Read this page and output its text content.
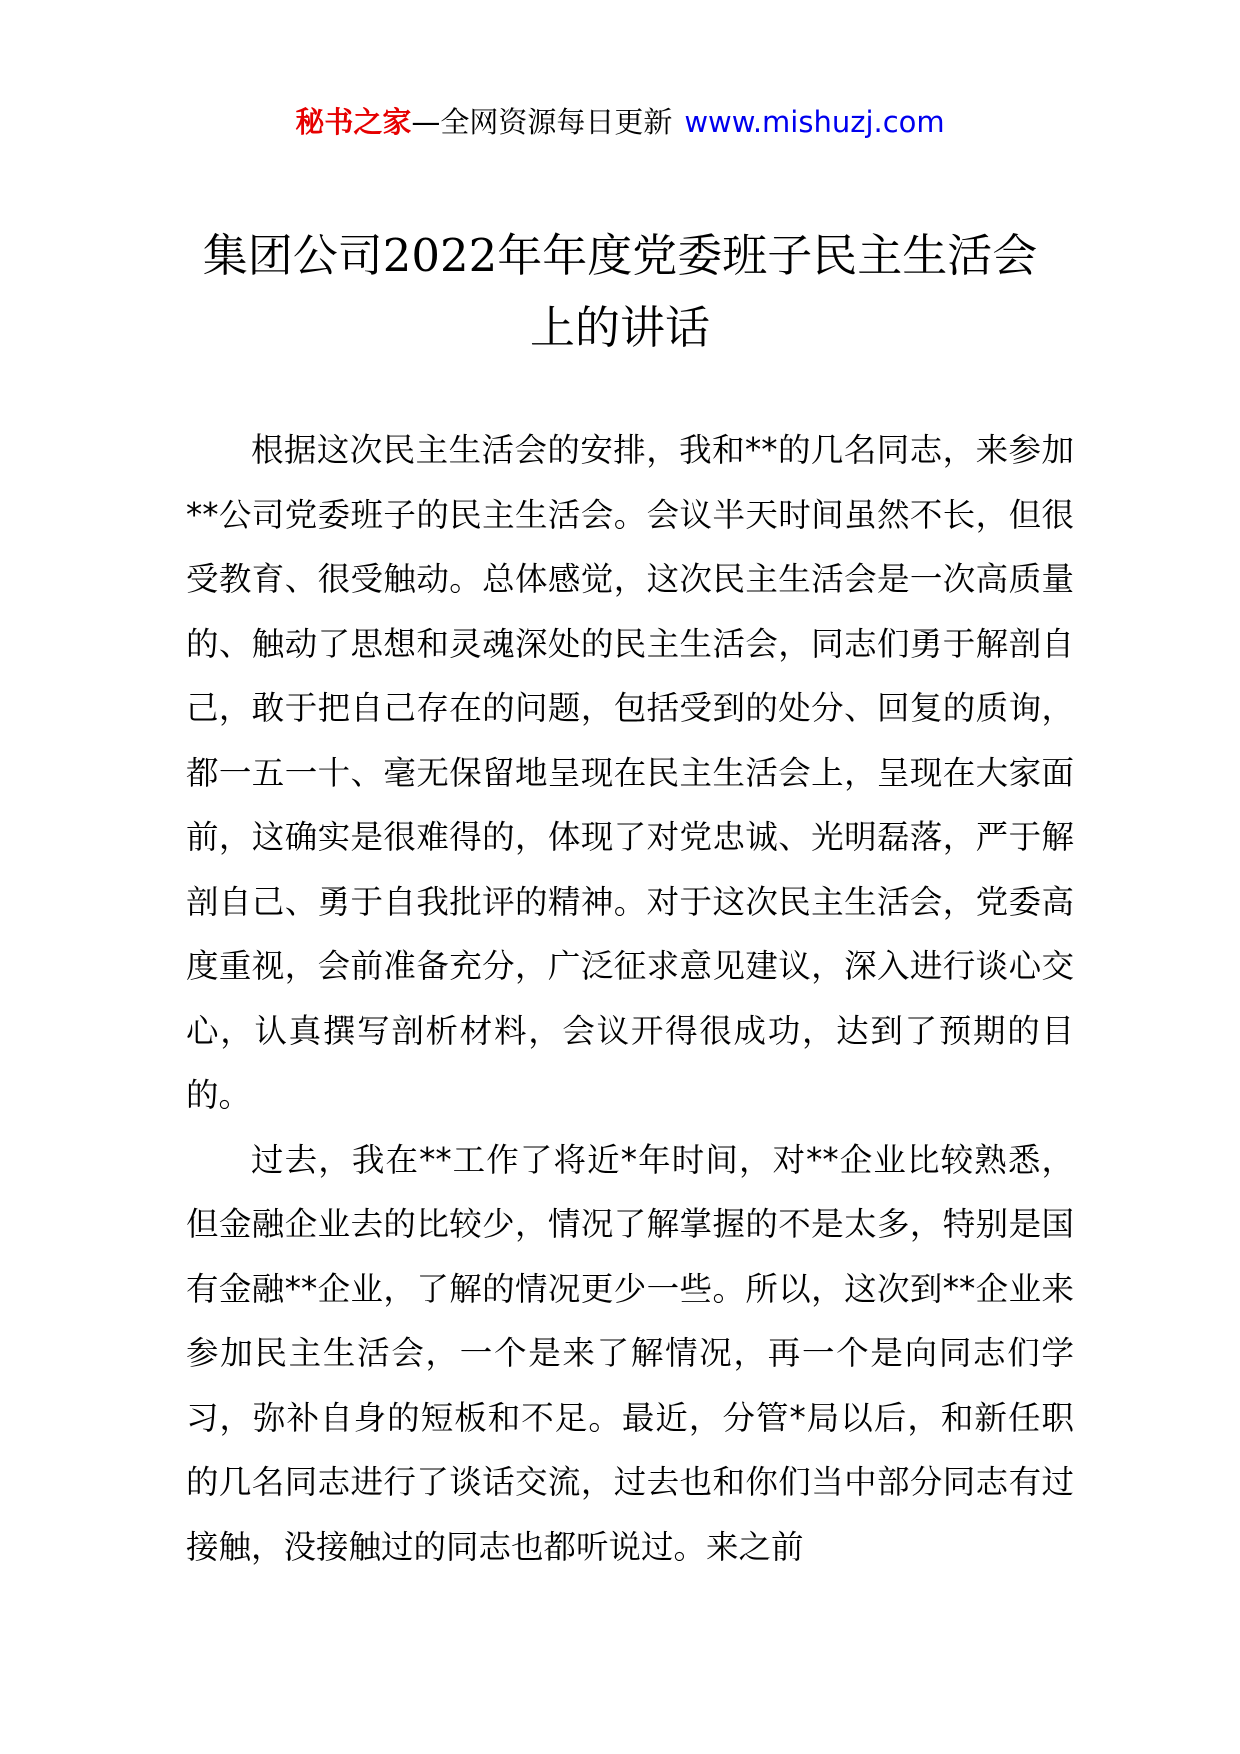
秘书之家—全网资源每日更新 www.mishuzj.com
集团公司2022年年度党委班子民主生活会
上的讲话

根据这次民主生活会的安排，我和**的几名同志，来参加**公司党委班子的民主生活会。会议半天时间虽然不长，但很受教育、很受触动。总体感觉，这次民主生活会是一次高质量的、触动了思想和灵魂深处的民主生活会，同志们勇于解剖自己，敢于把自己存在的问题，包括受到的处分、回复的质询，都一五一十、毫无保留地呈现在民主生活会上，呈现在大家面前，这确实是很难得的，体现了对党忠诚、光明磊落，严于解剖自己、勇于自我批评的精神。对于这次民主生活会，党委高度重视，会前准备充分，广泛征求意见建议，深入进行谈心交心，认真撰写剖析材料，会议开得很成功，达到了预期的目的。

过去，我在**工作了将近*年时间，对**企业比较熟悉，但金融企业去的比较少，情况了解掌握的不是太多，特别是国有金融**企业，了解的情况更少一些。所以，这次到**企业来参加民主生活会，一个是来了解情况，再一个是向同志们学习，弥补自身的短板和不足。最近，分管*局以后，和新任职的几名同志进行了谈话交流，过去也和你们当中部分同志有过接触，没接触过的同志也都听说过。来之前
